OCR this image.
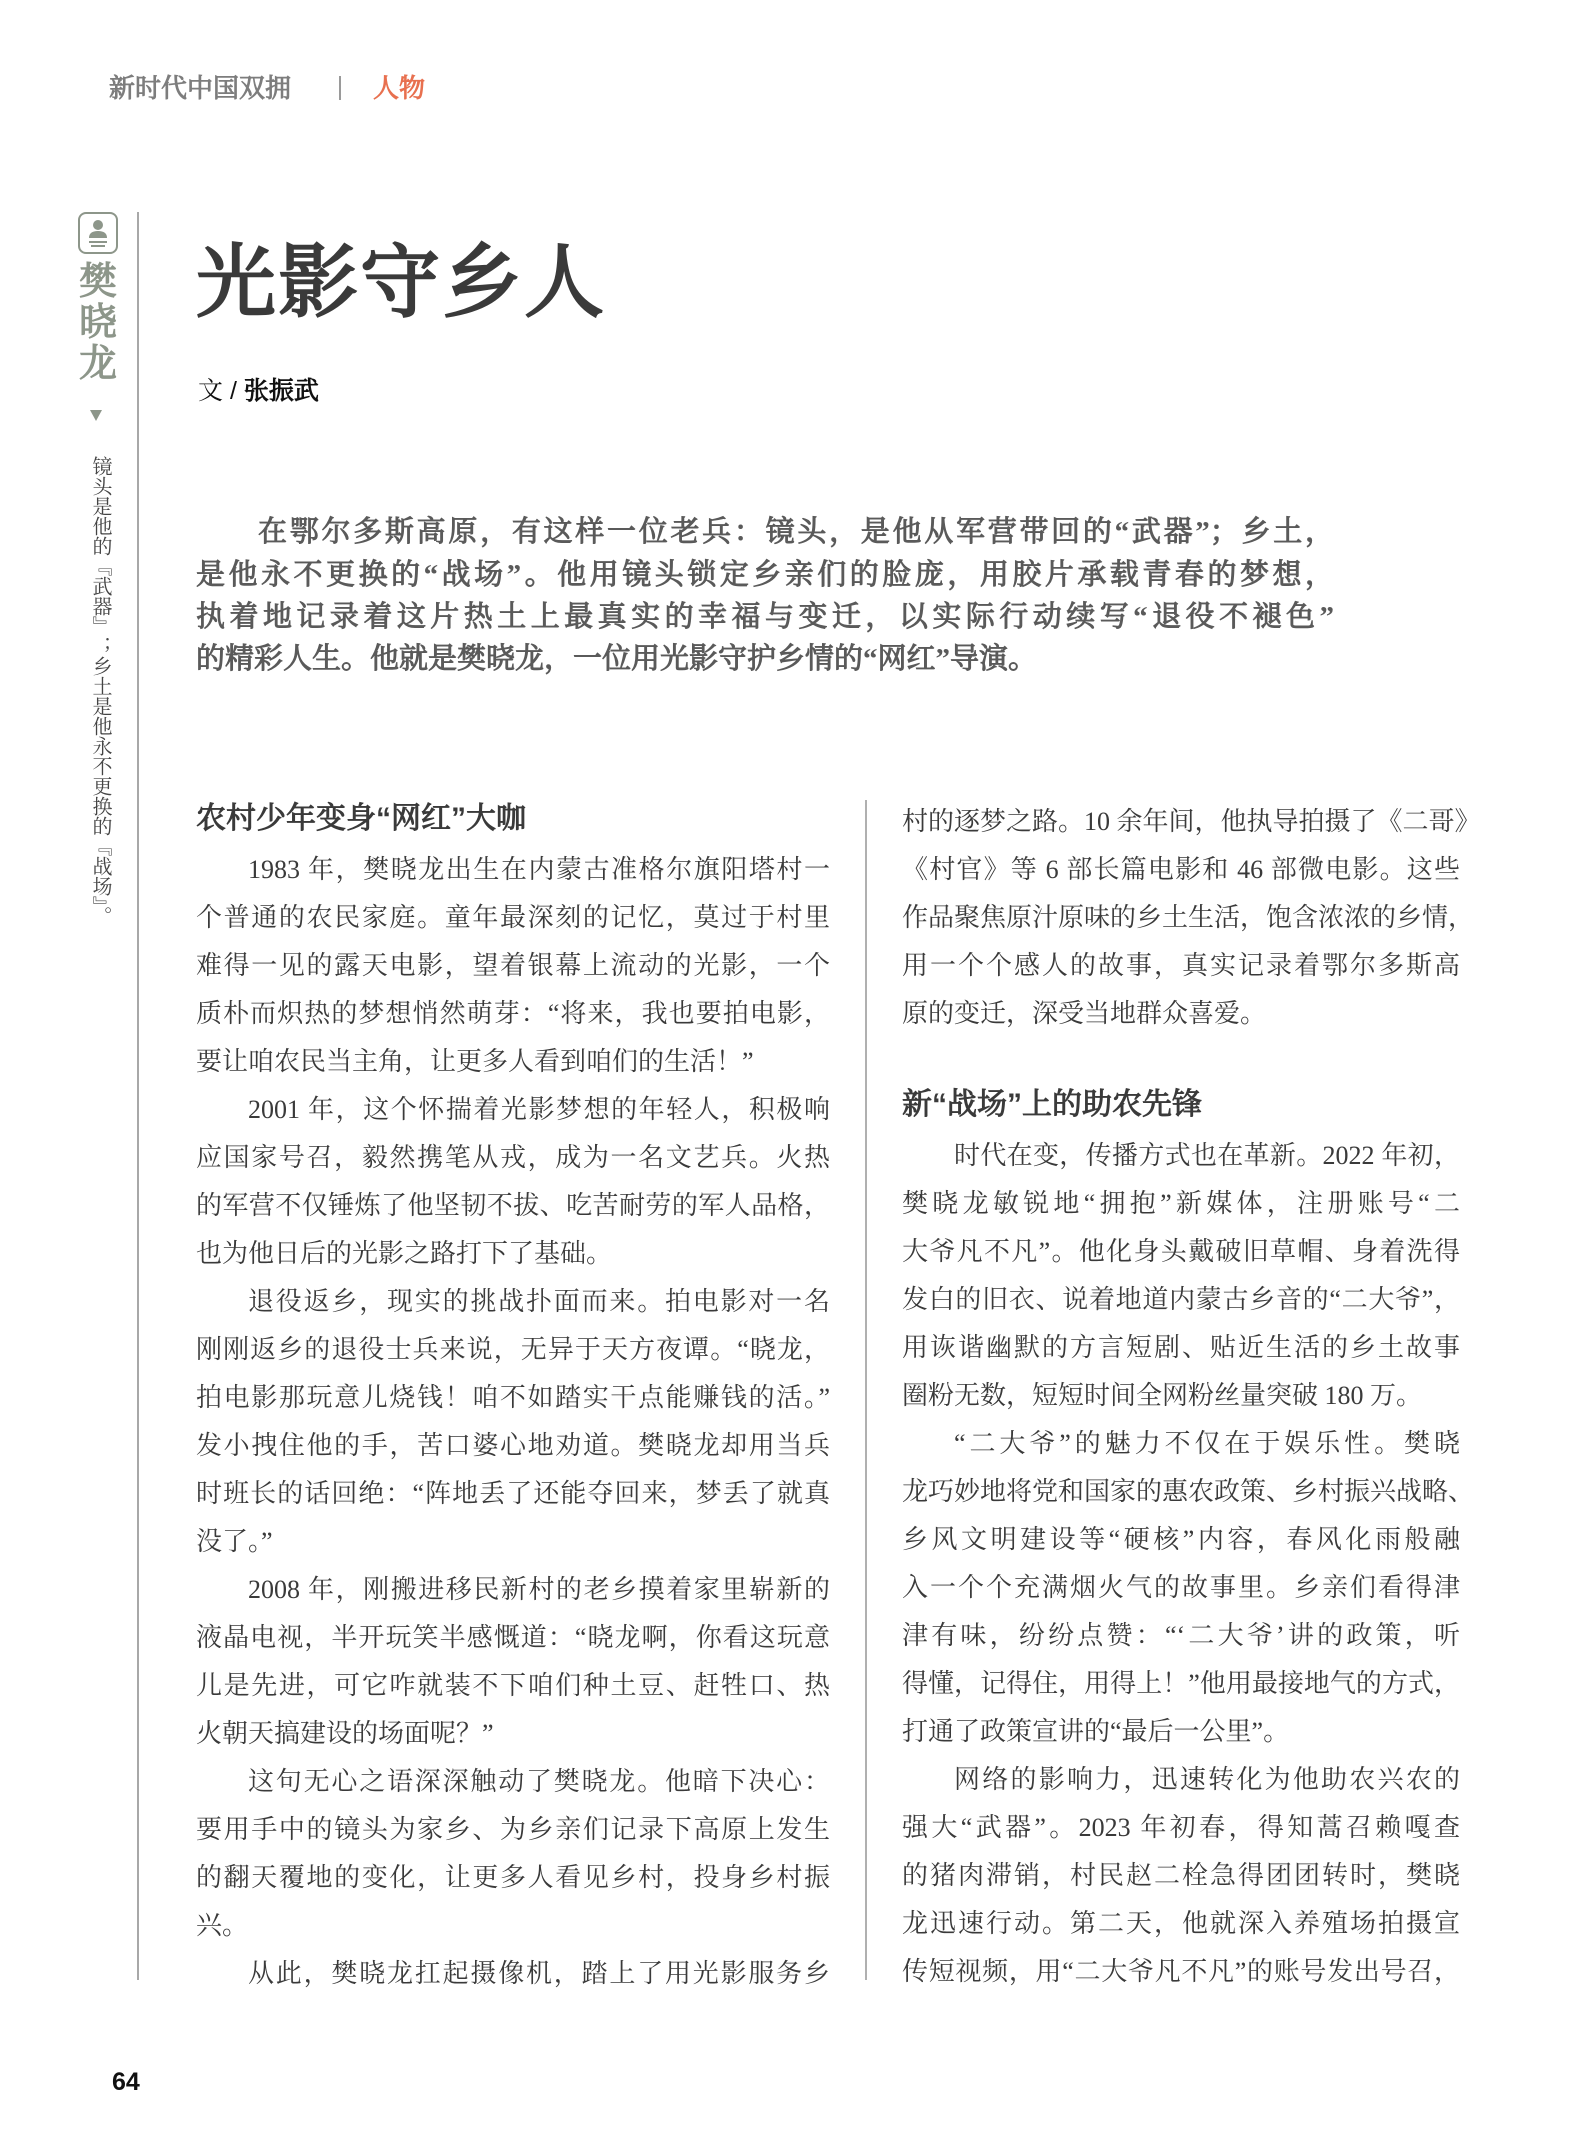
新时代中国双拥	人物
樊晓龙
镜头是他的『武器』；乡土是他永不更换的『战场』。
光影守乡人
文 / 张振武
在鄂尔多斯高原，有这样一位老兵：镜头，是他从军营带回的“武器”；乡土，
是他永不更换的“战场”。他用镜头锁定乡亲们的脸庞，用胶片承载青春的梦想，
执着地记录着这片热土上最真实的幸福与变迁，以实际行动续写“退役不褪色”
的精彩人生。他就是樊晓龙，一位用光影守护乡情的“网红”导演。
农村少年变身“网红”大咖
1983 年，樊晓龙出生在内蒙古准格尔旗阳塔村一
个普通的农民家庭。童年最深刻的记忆，莫过于村里
难得一见的露天电影，望着银幕上流动的光影，一个
质朴而炽热的梦想悄然萌芽：“将来，我也要拍电影，
要让咱农民当主角，让更多人看到咱们的生活！”
2001 年，这个怀揣着光影梦想的年轻人，积极响
应国家号召，毅然携笔从戎，成为一名文艺兵。火热
的军营不仅锤炼了他坚韧不拔、吃苦耐劳的军人品格，
也为他日后的光影之路打下了基础。
退役返乡，现实的挑战扑面而来。拍电影对一名
刚刚返乡的退役士兵来说，无异于天方夜谭。“晓龙，
拍电影那玩意儿烧钱！咱不如踏实干点能赚钱的活。”
发小拽住他的手，苦口婆心地劝道。樊晓龙却用当兵
时班长的话回绝：“阵地丢了还能夺回来，梦丢了就真
没了。”
2008 年，刚搬进移民新村的老乡摸着家里崭新的
液晶电视，半开玩笑半感慨道：“晓龙啊，你看这玩意
儿是先进，可它咋就装不下咱们种土豆、赶牲口、热
火朝天搞建设的场面呢？”
这句无心之语深深触动了樊晓龙。他暗下决心：
要用手中的镜头为家乡、为乡亲们记录下高原上发生
的翻天覆地的变化，让更多人看见乡村，投身乡村振
兴。
从此，樊晓龙扛起摄像机，踏上了用光影服务乡
村的逐梦之路。10 余年间，他执导拍摄了《二哥》
《村官》等 6 部长篇电影和 46 部微电影。这些
作品聚焦原汁原味的乡土生活，饱含浓浓的乡情，
用一个个感人的故事，真实记录着鄂尔多斯高
原的变迁，深受当地群众喜爱。
新“战场”上的助农先锋
时代在变，传播方式也在革新。2022 年初，
樊晓龙敏锐地“拥抱”新媒体，注册账号“二
大爷凡不凡”。他化身头戴破旧草帽、身着洗得
发白的旧衣、说着地道内蒙古乡音的“二大爷”，
用诙谐幽默的方言短剧、贴近生活的乡土故事
圈粉无数，短短时间全网粉丝量突破 180 万。
“二大爷”的魅力不仅在于娱乐性。樊晓
龙巧妙地将党和国家的惠农政策、乡村振兴战略、
乡风文明建设等“硬核”内容，春风化雨般融
入一个个充满烟火气的故事里。乡亲们看得津
津有味，纷纷点赞：“‘二大爷’讲的政策，听
得懂，记得住，用得上！”他用最接地气的方式，
打通了政策宣讲的“最后一公里”。
网络的影响力，迅速转化为他助农兴农的
强大“武器”。2023 年初春，得知蒿召赖嘎查
的猪肉滞销，村民赵二栓急得团团转时，樊晓
龙迅速行动。第二天，他就深入养殖场拍摄宣
传短视频，用“二大爷凡不凡”的账号发出号召，
64
